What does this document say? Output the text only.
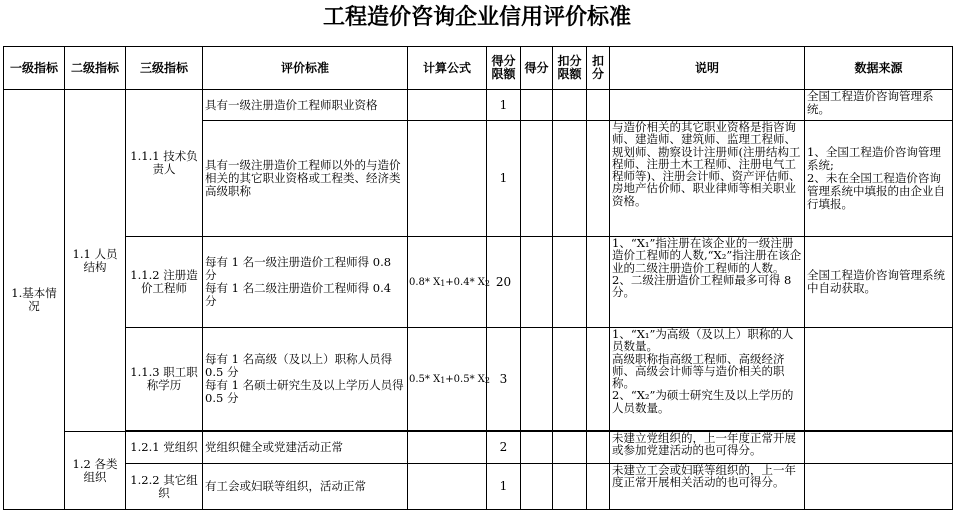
工程造价咨询企业信用评价标准
一级指标	二级指标	三级指标	评价标准	计算公式	得分限额	得分	扣分限额	扣分	说明	数据来源
1.基本情况	1.1 人员结构	1.1.1 技术负责人	具有一级注册造价工程师职业资格		1					全国工程造价咨询管理系统。
			具有一级注册造价工程师以外的与造价相关的其它职业资格或工程类、经济类高级职称		1				与造价相关的其它职业资格是指咨询师、建造师、建筑师、监理工程师、规划师、勘察设计注册师(注册结构工程师、注册土木工程师、注册电气工程师等)、注册会计师、资产评估师、房地产估价师、职业律师等相关职业资格。	1、全国工程造价咨询管理系统;
2、未在全国工程造价咨询管理系统中填报的由企业自行填报。
		1.1.2 注册造价工程师	每有 1 名一级注册造价工程师得 0.8 分
每有 1 名二级注册造价工程师得 0.4 分	0.8* $X_1+0.4*$ $X_2$	20				1、“X₁”指注册在该企业的一级注册造价工程师的人数,“X₂”指注册在该企业的二级注册造价工程师的人数。
2、二级注册造价工程师最多可得 8 分。	全国工程造价咨询管理系统中自动获取。
		1.1.3 职工职称学历	每有 1 名高级（及以上）职称人员得 0.5 分
每有 1 名硕士研究生及以上学历人员得 0.5 分	0.5* $X_1+0.5*$ $X_2$	3				1、“X₁”为高级（及以上）职称的人员数量。
高级职称指高级工程师、高级经济师、高级会计师等与造价相关的职称。
2、“X₂”为硕士研究生及以上学历的人员数量。	

	1.2 各类组织	1.2.1 党组织	党组织健全或党建活动正常		2				未建立党组织的，上一年度正常开展或参加党建活动的也可得分。	
		1.2.2 其它组织	有工会或妇联等组织，活动正常		1				未建立工会或妇联等组织的，上一年度正常开展相关活动的也可得分。	
